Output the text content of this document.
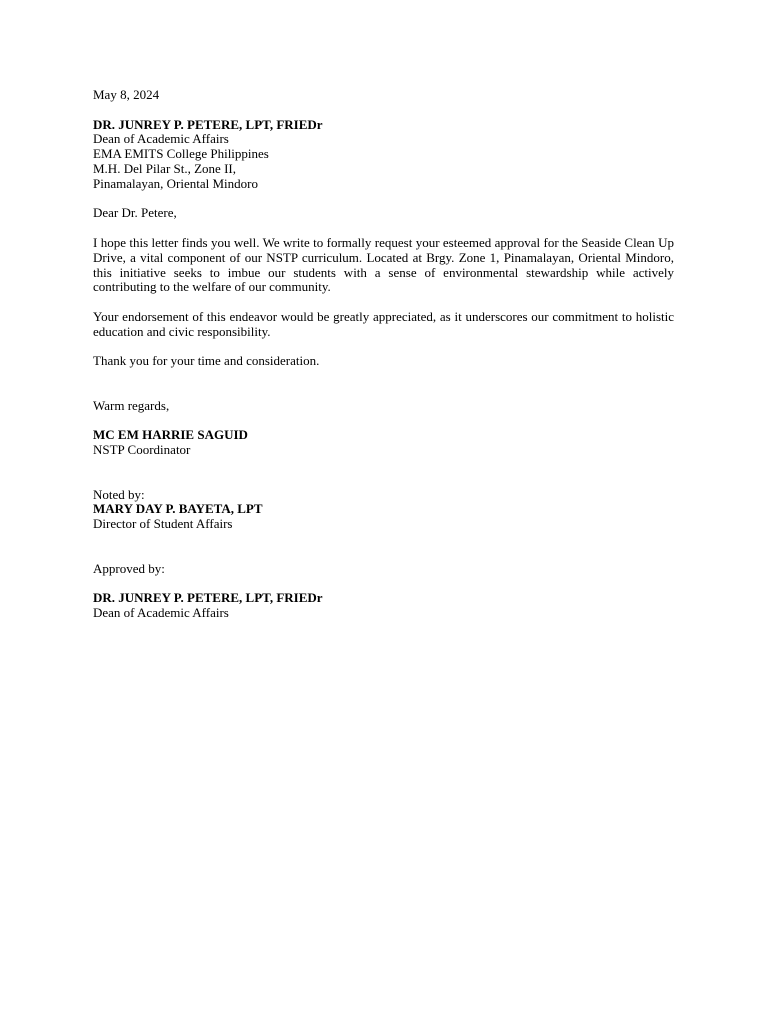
May 8, 2024
DR. JUNREY P. PETERE, LPT, FRIEDr
Dean of Academic Affairs
EMA EMITS College Philippines
M.H. Del Pilar St., Zone II,
Pinamalayan, Oriental Mindoro
Dear Dr. Petere,
I hope this letter finds you well. We write to formally request your esteemed approval for the Seaside Clean Up Drive, a vital component of our NSTP curriculum. Located at Brgy. Zone 1, Pinamalayan, Oriental Mindoro, this initiative seeks to imbue our students with a sense of environmental stewardship while actively contributing to the welfare of our community.
Your endorsement of this endeavor would be greatly appreciated, as it underscores our commitment to holistic education and civic responsibility.
Thank you for your time and consideration.
Warm regards,
MC EM HARRIE SAGUID
NSTP Coordinator
Noted by:
MARY DAY P. BAYETA, LPT
Director of Student Affairs
Approved by:
DR. JUNREY P. PETERE, LPT, FRIEDr
Dean of Academic Affairs
